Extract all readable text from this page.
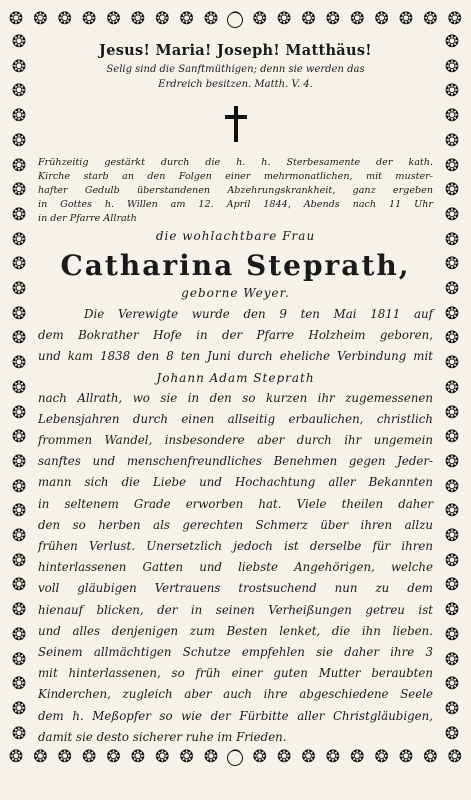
❂ ❂ ❂ ❂ ❂ ❂ ❂ ❂ ❂ ❂ ❂ ❂ ❂ ❂ ❂ ❂ ❂ ❂
❂ ❂ ❂ ❂ ❂ ❂ ❂ ❂ ❂ ❂ ❂ ❂ ❂ ❂ ❂ ❂ ❂ ❂
❂
❂
❂
❂
❂
❂
❂
❂
❂
❂
❂
❂
❂
❂
❂
❂
❂
❂
❂
❂
❂
❂
❂
❂
❂
❂
❂
❂
❂
❂
❂
❂
❂
❂
❂
❂
❂
❂
❂
❂
❂
❂
❂
❂
❂
❂
❂
❂
❂
❂
❂
❂
❂
❂
❂
❂
❂
❂
Jesus! Maria! Joseph! Matthäus!
Selig sind die Sanftmüthigen; denn sie werden das
Erdreich besitzen. Matth. V. 4.
Frühzeitig gestärkt durch die h. h. Sterbesamente der kath.
Kirche starb an den Folgen einer mehrmonatlichen, mit muster-
hafter Gedulb überstandenen Abzehrungskrankheit, ganz ergeben
in Gottes h. Willen am 12. April 1844, Abends nach 11 Uhr
in der Pfarre Allrath
die wohlachtbare Frau
Catharina Steprath,
geborne Weyer.
Die Verewigte wurde den 9 ten Mai 1811 auf
dem Bokrather Hofe in der Pfarre Holzheim geboren,
und kam 1838 den 8 ten Juni durch eheliche Verbindung mit
Johann Adam Steprath
nach Allrath, wo sie in den so kurzen ihr zugemessenen
Lebensjahren durch einen allseitig erbaulichen, christlich
frommen Wandel, insbesondere aber durch ihr ungemein
sanftes und menschenfreundliches Benehmen gegen Jeder-
mann sich die Liebe und Hochachtung aller Bekannten
in seltenem Grade erworben hat. Viele theilen daher
den so herben als gerechten Schmerz über ihren allzu
frühen Verlust. Unersetzlich jedoch ist derselbe für ihren
hinterlassenen Gatten und liebste Angehörigen, welche
voll gläubigen Vertrauens trostsuchend nun zu dem
hienauf blicken, der in seinen Verheißungen getreu ist
und alles denjenigen zum Besten lenket, die ihn lieben.
Seinem allmächtigen Schutze empfehlen sie daher ihre 3
mit hinterlassenen, so früh einer guten Mutter beraubten
Kinderchen, zugleich aber auch ihre abgeschiedene Seele
dem h. Meßopfer so wie der Fürbitte aller Christgläubigen,
damit sie desto sicherer ruhe im Frieden.
